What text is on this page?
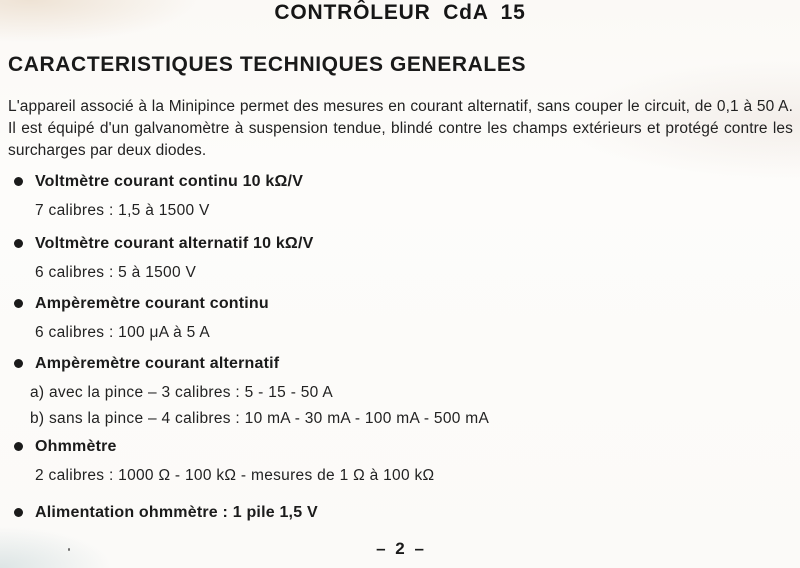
CONTRÔLEUR CdA 15
CARACTERISTIQUES TECHNIQUES GENERALES
L'appareil associé à la Minipince permet des mesures en courant alternatif, sans couper le circuit, de 0,1 à 50 A.
Il est équipé d'un galvanomètre à suspension tendue, blindé contre les champs extérieurs et protégé contre les
surcharges par deux diodes.
Voltmètre courant continu 10 kΩ/V
7 calibres : 1,5 à 1500 V
Voltmètre courant alternatif 10 kΩ/V
6 calibres : 5 à 1500 V
Ampèremètre courant continu
6 calibres : 100 μA à 5 A
Ampèremètre courant alternatif
a) avec la pince – 3 calibres : 5 - 15 - 50 A
b) sans la pince – 4 calibres : 10 mA - 30 mA - 100 mA - 500 mA
Ohmmètre
2 calibres : 1000 Ω - 100 kΩ - mesures de 1 Ω à 100 kΩ
Alimentation ohmmètre : 1 pile 1,5 V
– 2 –
